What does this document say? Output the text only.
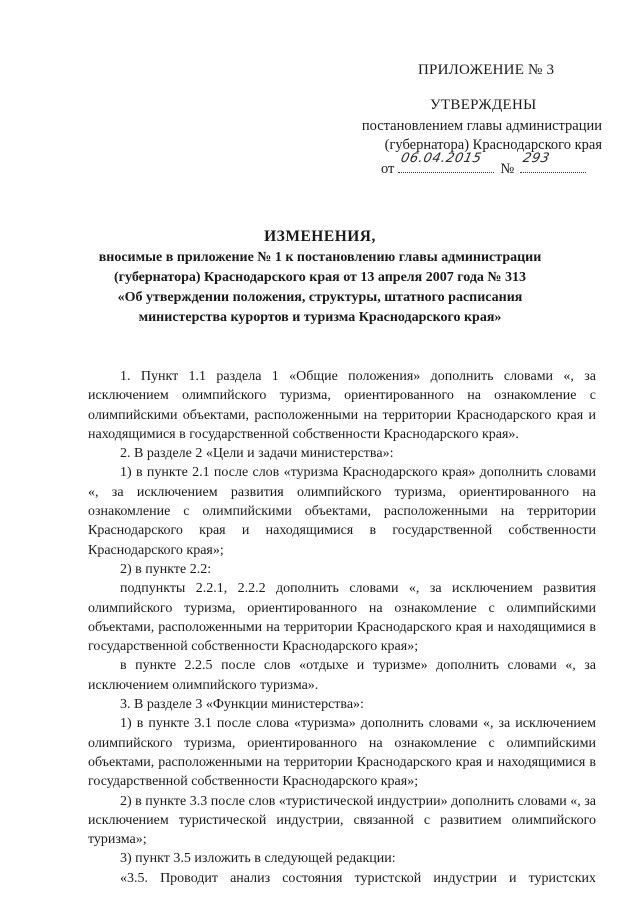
ПРИЛОЖЕНИЕ № 3
УТВЕРЖДЕНЫ
постановлением главы администрации
(губернатора) Краснодарского края
от
06.04.2015
№
293
ИЗМЕНЕНИЯ,
вносимые в приложение № 1 к постановлению главы администрации
(губернатора) Краснодарского края от 13 апреля 2007 года № 313
«Об утверждении положения, структуры, штатного расписания
министерства курортов и туризма Краснодарского края»

1. Пункт 1.1 раздела 1 «Общие положения» дополнить словами «, за исключением олимпийского туризма, ориентированного на ознакомление с олимпийскими объектами, расположенными на территории Краснодарского края и находящимися в государственной собственности Краснодарского края».

2. В разделе 2 «Цели и задачи министерства»:

1) в пункте 2.1 после слов «туризма Краснодарского края» дополнить словами «, за исключением развития олимпийского туризма, ориентированного на ознакомление с олимпийскими объектами, расположенными на территории Краснодарского края и находящимися в государственной собственности Краснодарского края»;

2) в пункте 2.2:

подпункты 2.2.1, 2.2.2 дополнить словами «, за исключением развития олимпийского туризма, ориентированного на ознакомление с олимпийскими объектами, расположенными на территории Краснодарского края и находящимися в государственной собственности Краснодарского края»;

в пункте 2.2.5 после слов «отдыхе и туризме» дополнить словами «, за исключением олимпийского туризма».

3. В разделе 3 «Функции министерства»:

1) в пункте 3.1 после слова «туризма» дополнить словами «, за исключением олимпийского туризма, ориентированного на ознакомление с олимпийскими объектами, расположенными на территории Краснодарского края и находящимися в государственной собственности Краснодарского края»;

2) в пункте 3.3 после слов «туристической индустрии» дополнить словами «, за исключением туристической индустрии, связанной с развитием олимпийского туризма»;

3) пункт 3.5 изложить в следующей редакции:

«3.5. Проводит анализ состояния туристской индустрии и туристских
